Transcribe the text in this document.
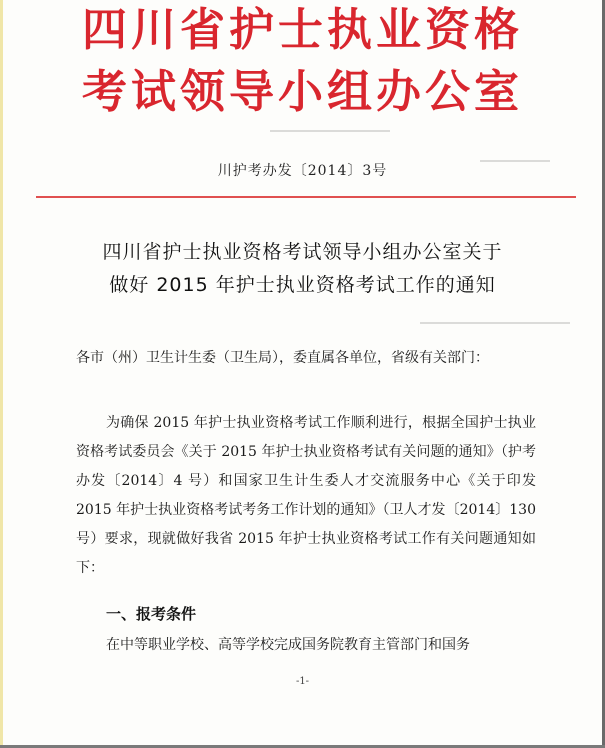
四川省护士执业资格
考试领导小组办公室
川护考办发〔2014〕3号
四川省护士执业资格考试领导小组办公室关于
做好 2015 年护士执业资格考试工作的通知
各市（州）卫生计生委（卫生局），委直属各单位，省级有关部门：
为确保 2015 年护士执业资格考试工作顺利进行，根据全国护士执业资格考试委员会《关于 2015 年护士执业资格考试有关问题的通知》（护考办发〔2014〕4 号）和国家卫生计生委人才交流服务中心《关于印发 2015 年护士执业资格考试考务工作计划的通知》（卫人才发〔2014〕130 号）要求，现就做好我省 2015 年护士执业资格考试工作有关问题通知如下：
一、报考条件
在中等职业学校、高等学校完成国务院教育主管部门和国务
-1-
